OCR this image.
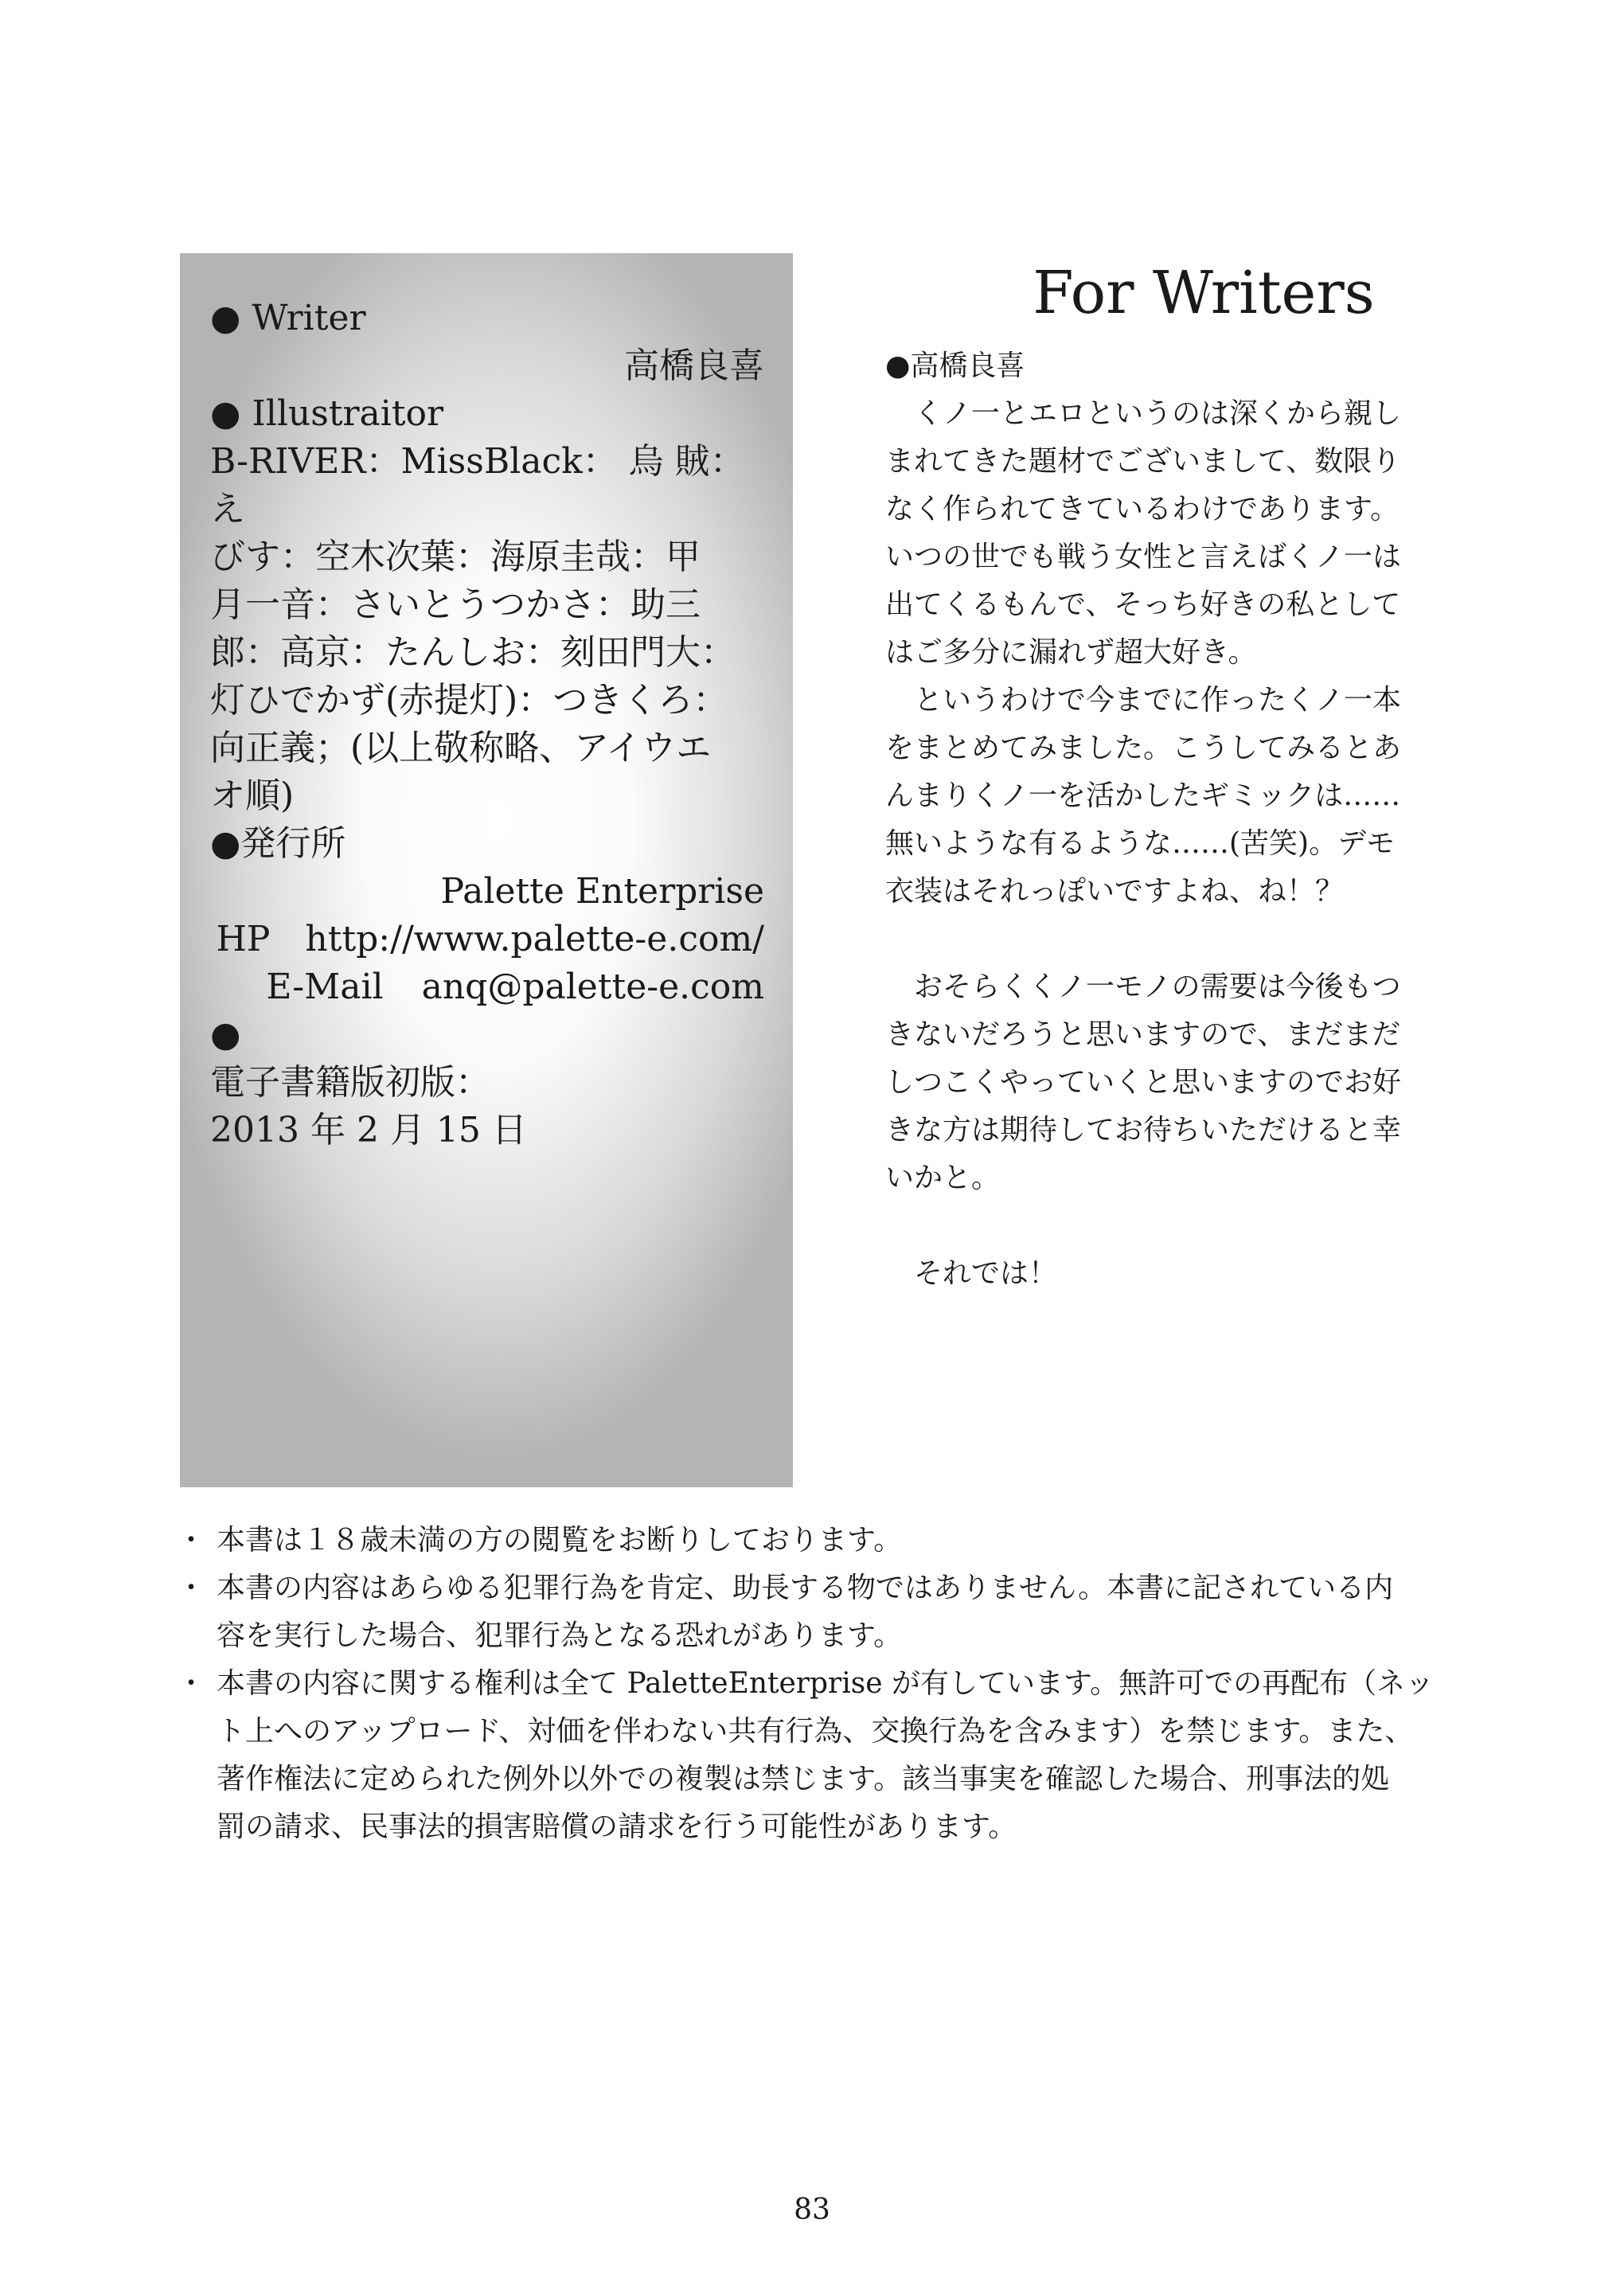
● Writer
高橋良喜
● Illustraitor
B-RIVER：MissBlack： 烏 賊： え
びす：空木次葉：海原圭哉：甲
月一音：さいとうつかさ：助三
郎：高京：たんしお：刻田門大：
灯ひでかず(赤提灯)：つきくろ：
向正義；(以上敬称略、アイウエ
オ順)
●発行所
Palette Enterprise
HP http://www.palette-e.com/
E-Mail anq@palette-e.com
●
電子書籍版初版：
2013 年 2 月 15 日
For Writers
●高橋良喜
　くノ一とエロというのは深くから親し
まれてきた題材でございまして、数限り
なく作られてきているわけであります。
いつの世でも戦う女性と言えばくノ一は
出てくるもんで、そっち好きの私として
はご多分に漏れず超大好き。
　というわけで今までに作ったくノ一本
をまとめてみました。こうしてみるとあ
んまりくノ一を活かしたギミックは……
無いような有るような……(苦笑)。デモ
衣装はそれっぽいですよね、ね！？
　おそらくくノ一モノの需要は今後もつ
きないだろうと思いますので、まだまだ
しつこくやっていくと思いますのでお好
きな方は期待してお待ちいただけると幸
いかと。
　それでは！
・ 本書は１８歳未満の方の閲覧をお断りしております。
・ 本書の内容はあらゆる犯罪行為を肯定、助長する物ではありません。本書に記されている内
容を実行した場合、犯罪行為となる恐れがあります。
・ 本書の内容に関する権利は全て PaletteEnterprise が有しています。無許可での再配布（ネッ
ト上へのアップロード、対価を伴わない共有行為、交換行為を含みます）を禁じます。また、
著作権法に定められた例外以外での複製は禁じます。該当事実を確認した場合、刑事法的処
罰の請求、民事法的損害賠償の請求を行う可能性があります。
83
